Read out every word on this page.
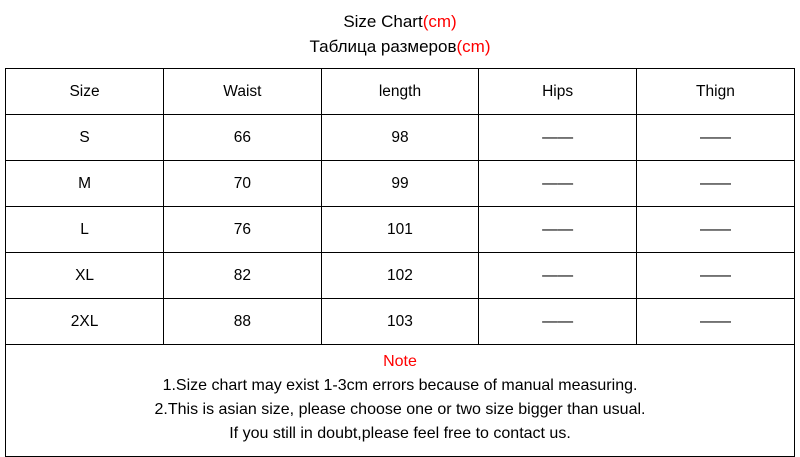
Size Chart(cm)
Таблица размеров(cm)
Size	Waist	length	Hips	Thign
S	66	98	——	——
M	70	99	——	——
L	76	101	——	——
XL	82	102	——	——
2XL	88	103	——	——
Note
1.Size chart may exist 1-3cm errors because of manual measuring.
2.This is asian size, please choose one or two size bigger than usual.
If you still in doubt,please feel free to contact us.
